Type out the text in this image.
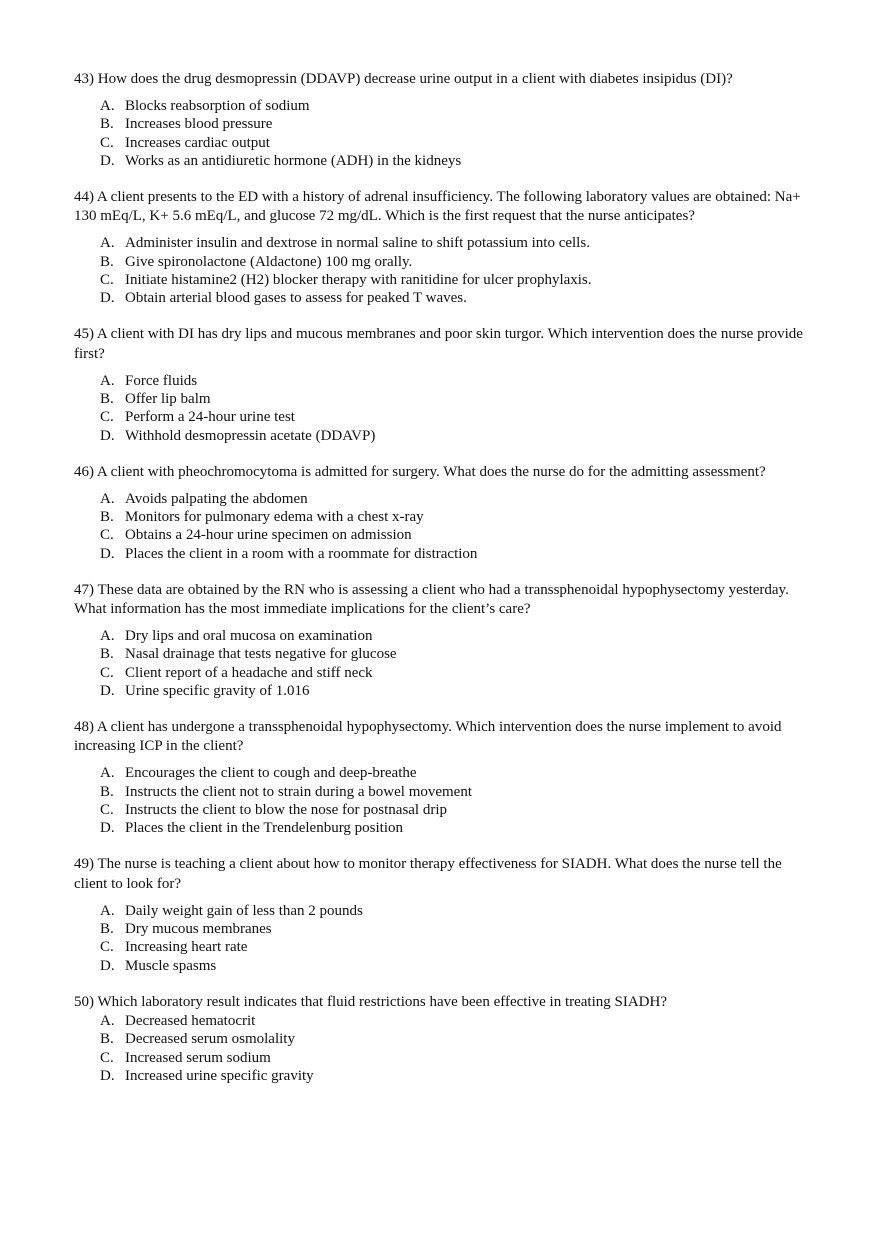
43) How does the drug desmopressin (DDAVP) decrease urine output in a client with diabetes insipidus (DI)?
A. Blocks reabsorption of sodium
B. Increases blood pressure
C. Increases cardiac output
D. Works as an antidiuretic hormone (ADH) in the kidneys
44) A client presents to the ED with a history of adrenal insufficiency. The following laboratory values are obtained: Na+ 130 mEq/L, K+ 5.6 mEq/L, and glucose 72 mg/dL. Which is the first request that the nurse anticipates?
A. Administer insulin and dextrose in normal saline to shift potassium into cells.
B. Give spironolactone (Aldactone) 100 mg orally.
C. Initiate histamine2 (H2) blocker therapy with ranitidine for ulcer prophylaxis.
D. Obtain arterial blood gases to assess for peaked T waves.
45) A client with DI has dry lips and mucous membranes and poor skin turgor. Which intervention does the nurse provide first?
A. Force fluids
B. Offer lip balm
C. Perform a 24-hour urine test
D. Withhold desmopressin acetate (DDAVP)
46) A client with pheochromocytoma is admitted for surgery. What does the nurse do for the admitting assessment?
A. Avoids palpating the abdomen
B. Monitors for pulmonary edema with a chest x-ray
C. Obtains a 24-hour urine specimen on admission
D. Places the client in a room with a roommate for distraction
47) These data are obtained by the RN who is assessing a client who had a transsphenoidal hypophysectomy yesterday. What information has the most immediate implications for the client’s care?
A. Dry lips and oral mucosa on examination
B. Nasal drainage that tests negative for glucose
C. Client report of a headache and stiff neck
D. Urine specific gravity of 1.016
48) A client has undergone a transsphenoidal hypophysectomy. Which intervention does the nurse implement to avoid increasing ICP in the client?
A. Encourages the client to cough and deep-breathe
B. Instructs the client not to strain during a bowel movement
C. Instructs the client to blow the nose for postnasal drip
D. Places the client in the Trendelenburg position
49) The nurse is teaching a client about how to monitor therapy effectiveness for SIADH. What does the nurse tell the client to look for?
A. Daily weight gain of less than 2 pounds
B. Dry mucous membranes
C. Increasing heart rate
D. Muscle spasms
50) Which laboratory result indicates that fluid restrictions have been effective in treating SIADH?
A. Decreased hematocrit
B. Decreased serum osmolality
C. Increased serum sodium
D. Increased urine specific gravity
